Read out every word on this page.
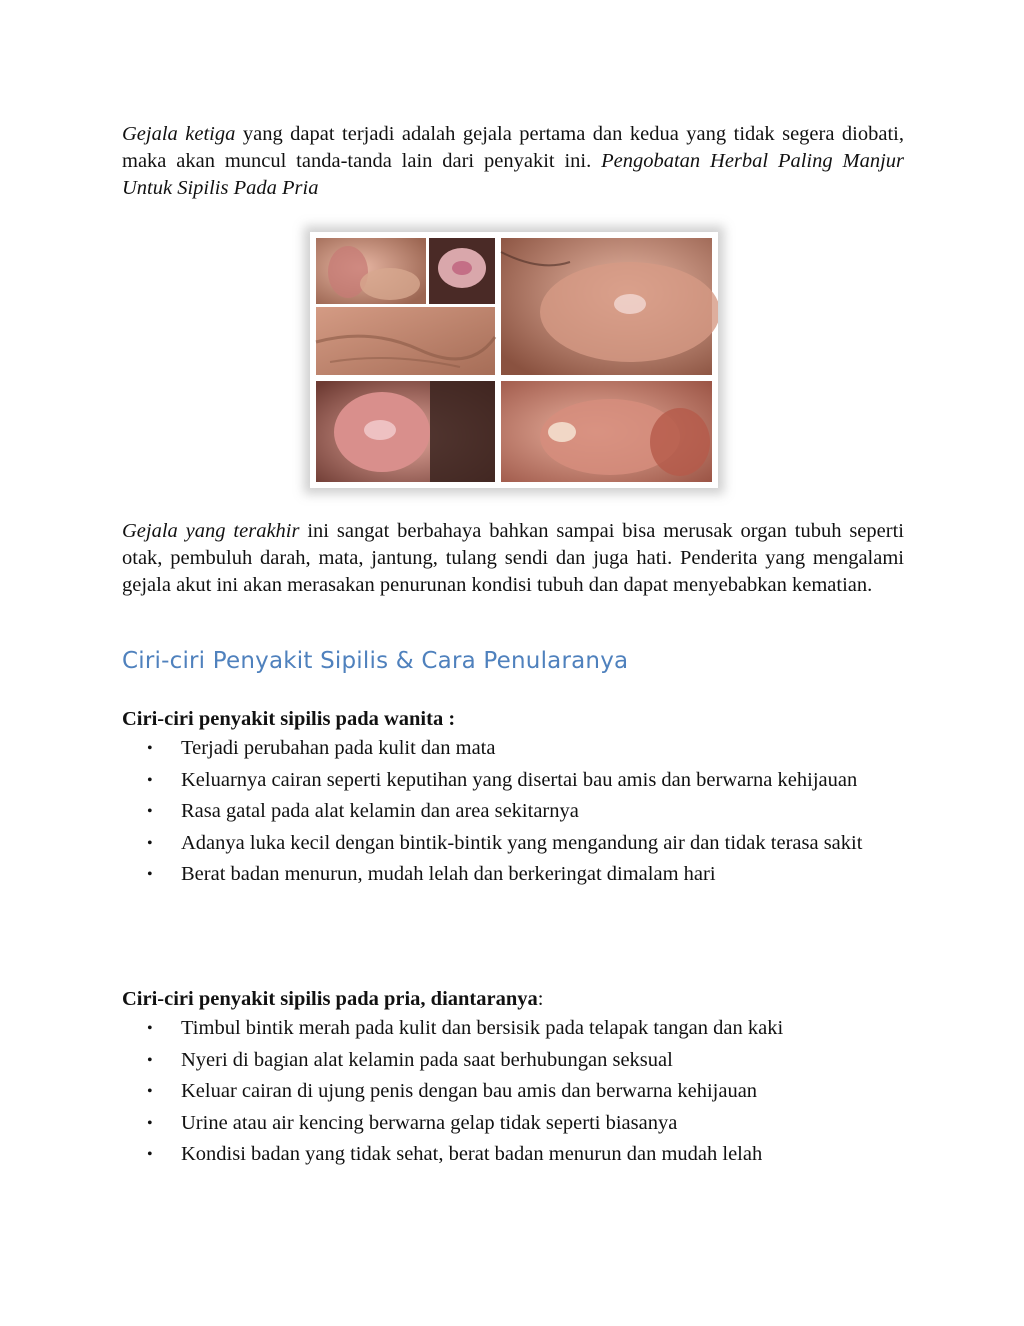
Gejala ketiga yang dapat terjadi adalah gejala pertama dan kedua yang tidak segera diobati, maka akan muncul tanda-tanda lain dari penyakit ini. Pengobatan Herbal Paling Manjur Untuk Sipilis Pada Pria

Gejala yang terakhir ini sangat berbahaya bahkan sampai bisa merusak organ tubuh seperti otak, pembuluh darah, mata, jantung, tulang sendi dan juga hati. Penderita yang mengalami gejala akut ini akan merasakan penurunan kondisi tubuh dan dapat menyebabkan kematian.

Ciri-ciri Penyakit Sipilis & Cara Penularanya

Ciri-ciri penyakit sipilis pada wanita :

• Terjadi perubahan pada kulit dan mata
• Keluarnya cairan seperti keputihan yang disertai bau amis dan berwarna kehijauan
• Rasa gatal pada alat kelamin dan area sekitarnya
• Adanya luka kecil dengan bintik-bintik yang mengandung air dan tidak terasa sakit
• Berat badan menurun, mudah lelah dan berkeringat dimalam hari

Ciri-ciri penyakit sipilis pada pria, diantaranya:

• Timbul bintik merah pada kulit dan bersisik pada telapak tangan dan kaki
• Nyeri di bagian alat kelamin pada saat berhubungan seksual
• Keluar cairan di ujung penis dengan bau amis dan berwarna kehijauan
• Urine atau air kencing berwarna gelap tidak seperti biasanya
• Kondisi badan yang tidak sehat, berat badan menurun dan mudah lelah
